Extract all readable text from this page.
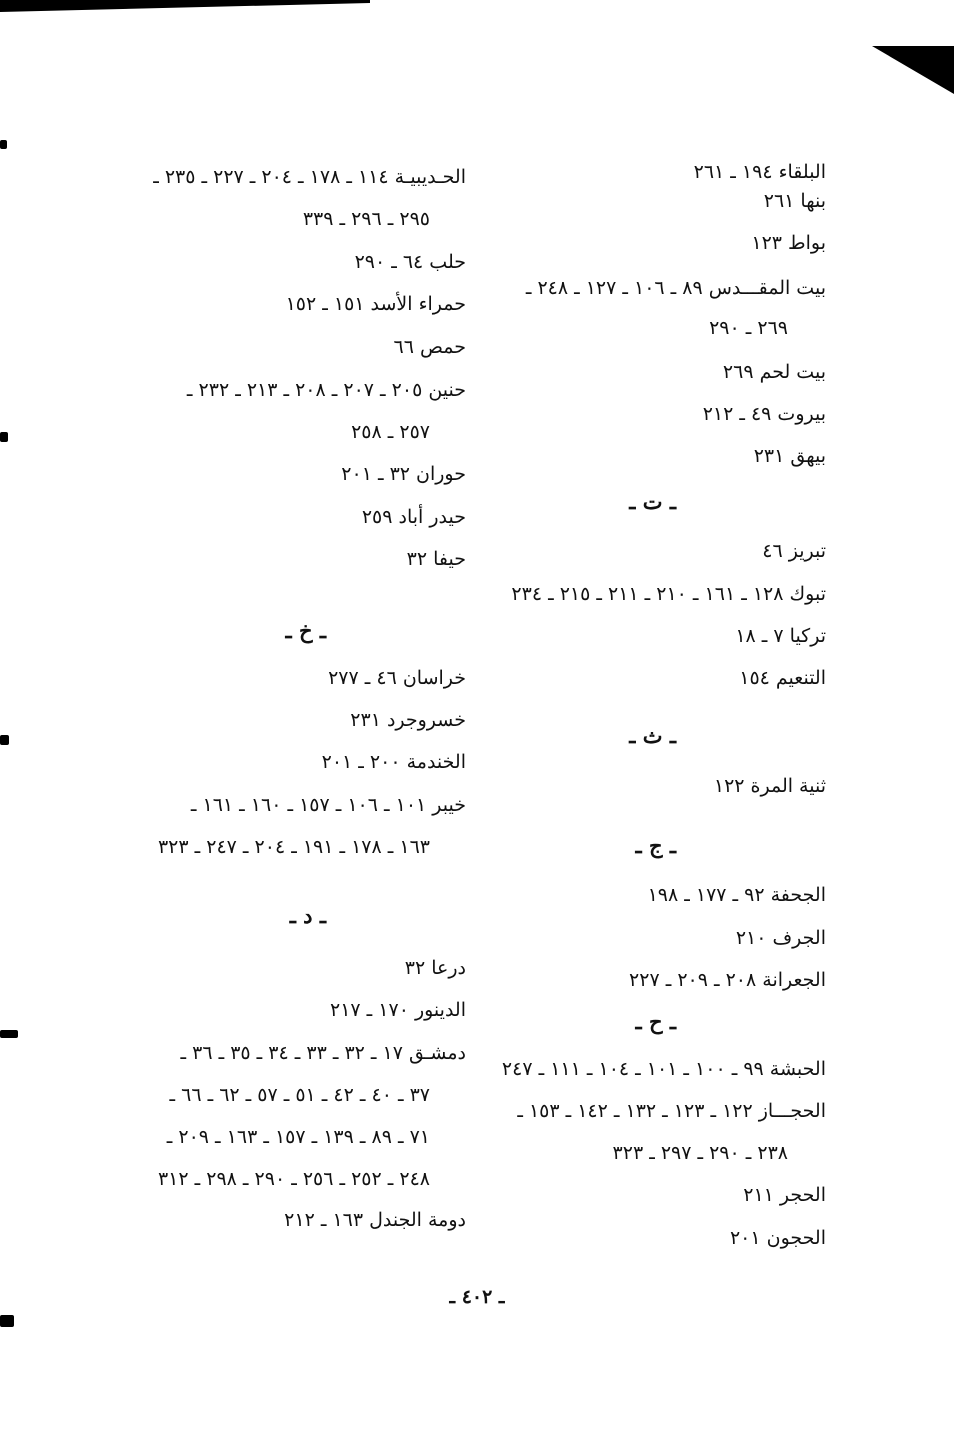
البلقاء ١٩٤ ـ ٢٦١
بنها ٢٦١
بواط ١٢٣
بيت المقـــدس ٨٩ ـ ١٠٦ ـ ١٢٧ ـ ٢٤٨ ـ
٢٦٩ ـ ٢٩٠
بيت لحم ٢٦٩
بيروت ٤٩ ـ ٢١٢
بيهق ٢٣١
ـ ت ـ
تبريز ٤٦
تبوك ١٢٨ ـ ١٦١ ـ ٢١٠ ـ ٢١١ ـ ٢١٥ ـ ٢٣٤
تركيا ٧ ـ ١٨
التنعيم ١٥٤
ـ ث ـ
ثنية المرة ١٢٢
ـ ج ـ
الجحفة ٩٢ ـ ١٧٧ ـ ١٩٨
الجرف ٢١٠
الجعرانة ٢٠٨ ـ ٢٠٩ ـ ٢٢٧
ـ ح ـ
الحبشة ٩٩ ـ ١٠٠ ـ ١٠١ ـ ١٠٤ ـ ١١١ ـ ٢٤٧
الحجـــاز ١٢٢ ـ ١٢٣ ـ ١٣٢ ـ ١٤٢ ـ ١٥٣ ـ
٢٣٨ ـ ٢٩٠ ـ ٢٩٧ ـ ٣٢٣
الحجر ٢١١
الحجون ٢٠١
الحـديبيـة ١١٤ ـ ١٧٨ ـ ٢٠٤ ـ ٢٢٧ ـ ٢٣٥ ـ
٢٩٥ ـ ٢٩٦ ـ ٣٣٩
حلب ٦٤ ـ ٢٩٠
حمراء الأسد ١٥١ ـ ١٥٢
حمص ٦٦
حنين ٢٠٥ ـ ٢٠٧ ـ ٢٠٨ ـ ٢١٣ ـ ٢٣٢ ـ
٢٥٧ ـ ٢٥٨
حوران ٣٢ ـ ٢٠١
حيدر أباد ٢٥٩
حيفا ٣٢
ـ خ ـ
خراسان ٤٦ ـ ٢٧٧
خسروجرد ٢٣١
الخندمة ٢٠٠ ـ ٢٠١
خيبر ١٠١ ـ ١٠٦ ـ ١٥٧ ـ ١٦٠ ـ ١٦١ ـ
١٦٣ ـ ١٧٨ ـ ١٩١ ـ ٢٠٤ ـ ٢٤٧ ـ ٣٢٣
ـ د ـ
درعا ٣٢
الدينور ١٧٠ ـ ٢١٧
دمشـق ١٧ ـ ٣٢ ـ ٣٣ ـ ٣٤ ـ ٣٥ ـ ٣٦ ـ
٣٧ ـ ٤٠ ـ ٤٢ ـ ٥١ ـ ٥٧ ـ ٦٢ ـ ٦٦ ـ
٧١ ـ ٨٩ ـ ١٣٩ ـ ١٥٧ ـ ١٦٣ ـ ٢٠٩ ـ
٢٤٨ ـ ٢٥٢ ـ ٢٥٦ ـ ٢٩٠ ـ ٢٩٨ ـ ٣١٢
دومة الجندل ١٦٣ ـ ٢١٢
ـ ٤٠٢ ـ
